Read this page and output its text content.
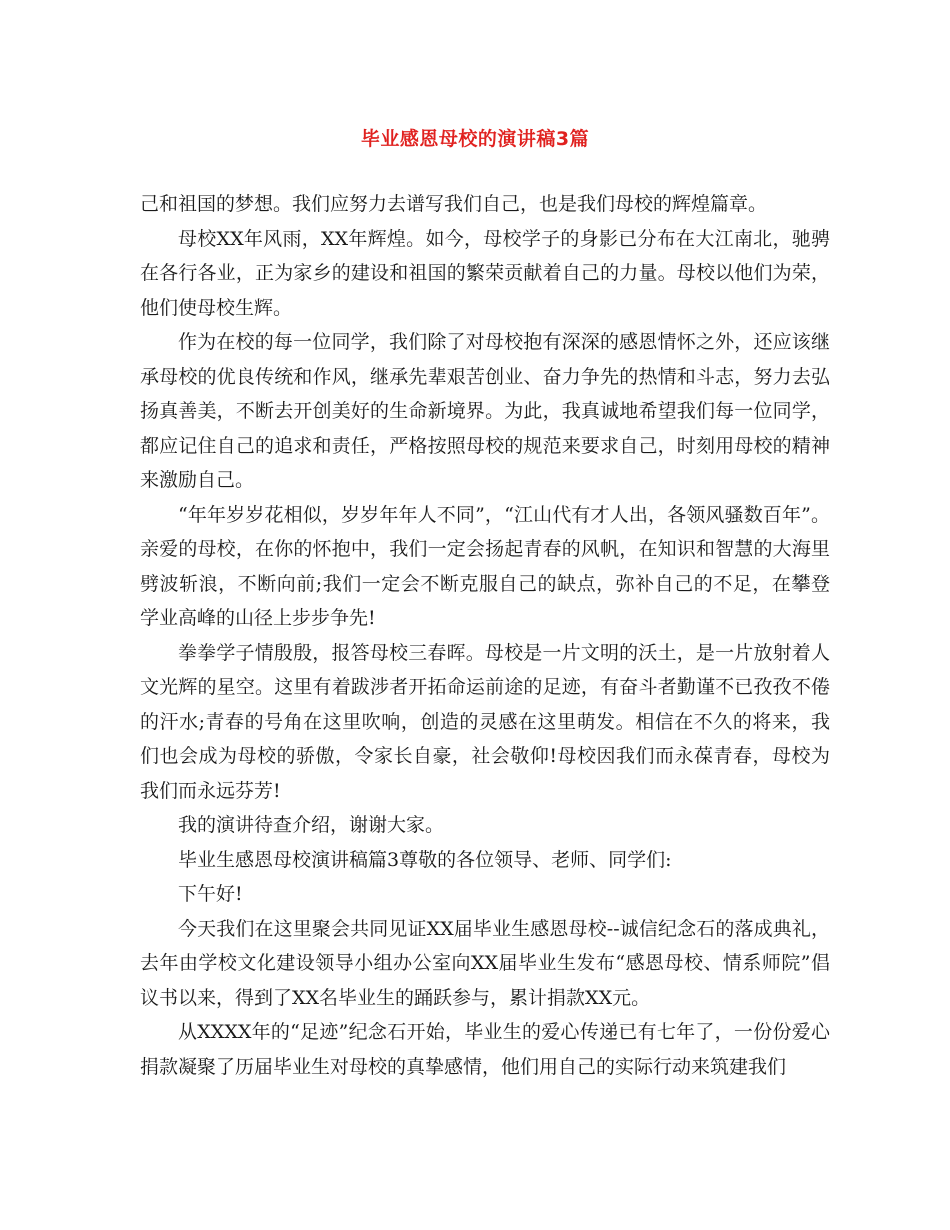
毕业感恩母校的演讲稿3篇

己和祖国的梦想。我们应努力去谱写我们自己，也是我们母校的辉煌篇章。

母校XX年风雨，XX年辉煌。如今，母校学子的身影已分布在大江南北，驰骋在各行各业，正为家乡的建设和祖国的繁荣贡献着自己的力量。母校以他们为荣，他们使母校生辉。

作为在校的每一位同学，我们除了对母校抱有深深的感恩情怀之外，还应该继承母校的优良传统和作风，继承先辈艰苦创业、奋力争先的热情和斗志，努力去弘扬真善美，不断去开创美好的生命新境界。为此，我真诚地希望我们每一位同学，都应记住自己的追求和责任，严格按照母校的规范来要求自己，时刻用母校的精神来激励自己。

“年年岁岁花相似，岁岁年年人不同”，“江山代有才人出，各领风骚数百年”。亲爱的母校，在你的怀抱中，我们一定会扬起青春的风帆，在知识和智慧的大海里劈波斩浪，不断向前;我们一定会不断克服自己的缺点，弥补自己的不足，在攀登学业高峰的山径上步步争先!

拳拳学子情殷殷，报答母校三春晖。母校是一片文明的沃土，是一片放射着人文光辉的星空。这里有着跋涉者开拓命运前途的足迹，有奋斗者勤谨不已孜孜不倦的汗水;青春的号角在这里吹响，创造的灵感在这里萌发。相信在不久的将来，我们也会成为母校的骄傲，令家长自豪，社会敬仰!母校因我们而永葆青春，母校为我们而永远芬芳!

我的演讲待查介绍，谢谢大家。

毕业生感恩母校演讲稿篇3尊敬的各位领导、老师、同学们:

下午好!

今天我们在这里聚会共同见证XX届毕业生感恩母校--诚信纪念石的落成典礼，去年由学校文化建设领导小组办公室向XX届毕业生发布“感恩母校、情系师院”倡议书以来，得到了XX名毕业生的踊跃参与，累计捐款XX元。

从XXXX年的“足迹”纪念石开始，毕业生的爱心传递已有七年了，一份份爱心捐款凝聚了历届毕业生对母校的真挚感情，他们用自己的实际行动来筑建我们
